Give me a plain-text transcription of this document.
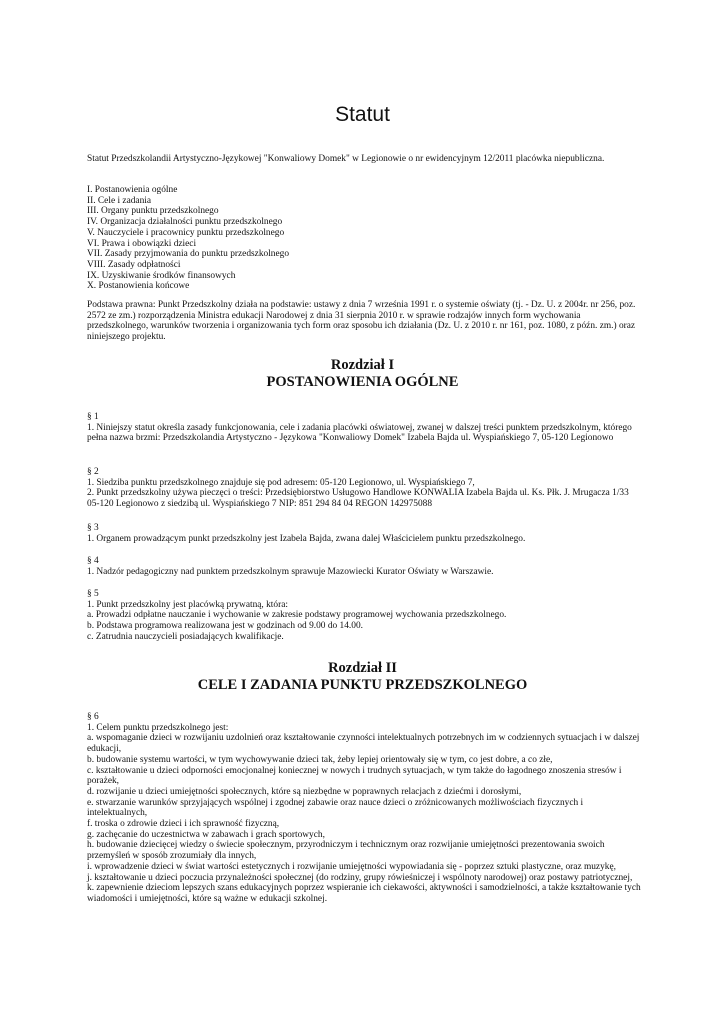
Statut

Statut Przedszkolandii Artystyczno-Językowej "Konwaliowy Domek" w Legionowie o nr ewidencyjnym 12/2011 placówka niepubliczna.

I. Postanowienia ogólne

II. Cele i zadania

III. Organy punktu przedszkolnego

IV. Organizacja działalności punktu przedszkolnego

V. Nauczyciele i pracownicy punktu przedszkolnego

VI. Prawa i obowiązki dzieci

VII. Zasady przyjmowania do punktu przedszkolnego

VIII. Zasady odpłatności

IX. Uzyskiwanie środków finansowych

X. Postanowienia końcowe

Podstawa prawna: Punkt Przedszkolny działa na podstawie: ustawy z dnia 7 września 1991 r. o systemie oświaty (tj. - Dz. U. z 2004r. nr 256, poz. 2572 ze zm.) rozporządzenia Ministra edukacji Narodowej z dnia 31 sierpnia 2010 r. w sprawie rodzajów innych form wychowania przedszkolnego, warunków tworzenia i organizowania tych form oraz sposobu ich działania (Dz. U. z 2010 r. nr 161, poz. 1080, z późn. zm.) oraz niniejszego projektu.

Rozdział I
POSTANOWIENIA OGÓLNE

§ 1

1. Niniejszy statut określa zasady funkcjonowania, cele i zadania placówki oświatowej, zwanej w dalszej treści punktem przedszkolnym, którego pełna nazwa brzmi: Przedszkolandia Artystyczno - Językowa "Konwaliowy Domek" Izabela Bajda ul. Wyspiańskiego 7, 05-120 Legionowo

§ 2

1. Siedziba punktu przedszkolnego znajduje się pod adresem: 05-120 Legionowo, ul. Wyspiańskiego 7,

2. Punkt przedszkolny używa pieczęci o treści: Przedsiębiorstwo Usługowo Handlowe KONWALIA Izabela Bajda ul. Ks. Płk. J. Mrugacza 1/33 05-120 Legionowo z siedzibą ul. Wyspiańskiego 7 NIP: 851 294 84 04 REGON 142975088

§ 3

1. Organem prowadzącym punkt przedszkolny jest Izabela Bajda, zwana dalej Właścicielem punktu przedszkolnego.

§ 4

1. Nadzór pedagogiczny nad punktem przedszkolnym sprawuje Mazowiecki Kurator Oświaty w Warszawie.

§ 5

1. Punkt przedszkolny jest placówką prywatną, która:

a. Prowadzi odpłatne nauczanie i wychowanie w zakresie podstawy programowej wychowania przedszkolnego.

b. Podstawa programowa realizowana jest w godzinach od 9.00 do 14.00.

c. Zatrudnia nauczycieli posiadających kwalifikacje.

Rozdział II
CELE I ZADANIA PUNKTU PRZEDSZKOLNEGO

§ 6

1. Celem punktu przedszkolnego jest:

a. wspomaganie dzieci w rozwijaniu uzdolnień oraz kształtowanie czynności intelektualnych potrzebnych im w codziennych sytuacjach i w dalszej edukacji,

b. budowanie systemu wartości, w tym wychowywanie dzieci tak, żeby lepiej orientowały się w tym, co jest dobre, a co złe,

c. kształtowanie u dzieci odporności emocjonalnej koniecznej w nowych i trudnych sytuacjach, w tym także do łagodnego znoszenia stresów i porażek,

d. rozwijanie u dzieci umiejętności społecznych, które są niezbędne w poprawnych relacjach z dziećmi i dorosłymi,

e. stwarzanie warunków sprzyjających wspólnej i zgodnej zabawie oraz nauce dzieci o zróżnicowanych możliwościach fizycznych i intelektualnych,

f. troska o zdrowie dzieci i ich sprawność fizyczną,

g. zachęcanie do uczestnictwa w zabawach i grach sportowych,

h. budowanie dziecięcej wiedzy o świecie społecznym, przyrodniczym i technicznym oraz rozwijanie umiejętności prezentowania swoich przemyśleń w sposób zrozumiały dla innych,

i. wprowadzenie dzieci w świat wartości estetycznych i rozwijanie umiejętności wypowiadania się - poprzez sztuki plastyczne, oraz muzykę,

j. kształtowanie u dzieci poczucia przynależności społecznej (do rodziny, grupy rówieśniczej i wspólnoty narodowej) oraz postawy patriotycznej,

k. zapewnienie dzieciom lepszych szans edukacyjnych poprzez wspieranie ich ciekawości, aktywności i samodzielności, a także kształtowanie tych wiadomości i umiejętności, które są ważne w edukacji szkolnej.
